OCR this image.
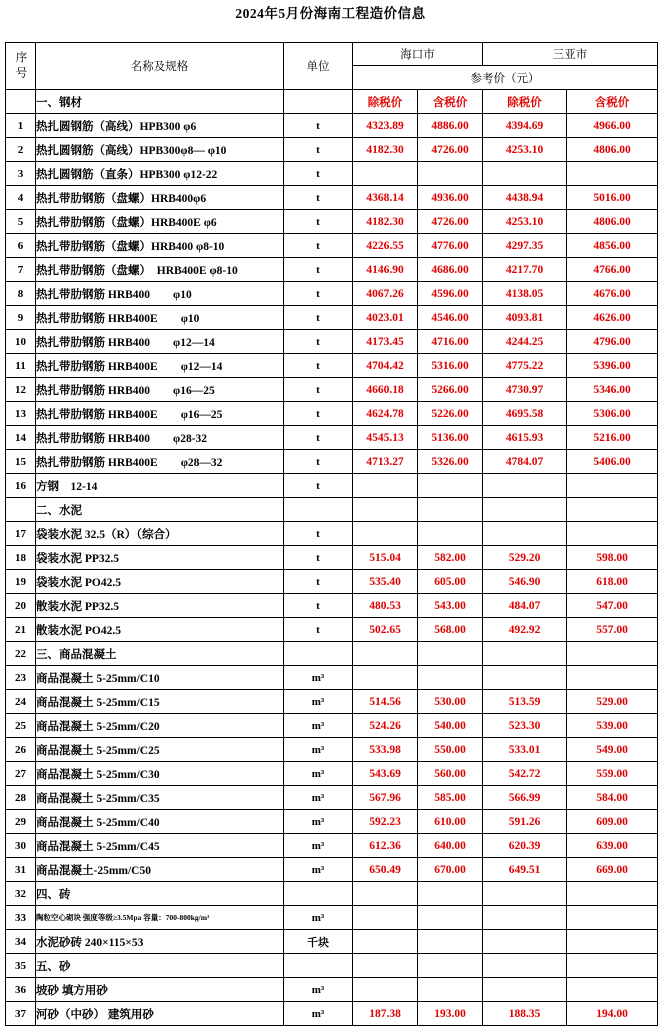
2024年5月份海南工程造价信息
序号	名称及规格	单位	海口市		三亚市	
			参考价（元）			
	一、钢材		除税价	含税价	除税价	含税价
1	热扎圆钢筋（高线）HPB300 φ6	t	4323.89	4886.00	4394.69	4966.00
2	热扎圆钢筋（高线）HPB300φ8— φ10	t	4182.30	4726.00	4253.10	4806.00
3	热扎圆钢筋（直条）HPB300 φ12-22	t				
4	热扎带肋钢筋（盘螺）HRB400φ6	t	4368.14	4936.00	4438.94	5016.00
5	热扎带肋钢筋（盘螺）HRB400E φ6	t	4182.30	4726.00	4253.10	4806.00
6	热扎带肋钢筋（盘螺）HRB400 φ8-10	t	4226.55	4776.00	4297.35	4856.00
7	热扎带肋钢筋（盘螺）　HRB400E φ8-10	t	4146.90	4686.00	4217.70	4766.00
8	热扎带肋钢筋 HRB400　　φ10	t	4067.26	4596.00	4138.05	4676.00
9	热扎带肋钢筋 HRB400E　　φ10	t	4023.01	4546.00	4093.81	4626.00
10	热扎带肋钢筋 HRB400　　φ12—14	t	4173.45	4716.00	4244.25	4796.00
11	热扎带肋钢筋 HRB400E　　φ12—14	t	4704.42	5316.00	4775.22	5396.00
12	热扎带肋钢筋 HRB400　　φ16—25	t	4660.18	5266.00	4730.97	5346.00
13	热扎带肋钢筋 HRB400E　　φ16—25	t	4624.78	5226.00	4695.58	5306.00
14	热扎带肋钢筋 HRB400　　φ28-32	t	4545.13	5136.00	4615.93	5216.00
15	热扎带肋钢筋 HRB400E　　φ28—32	t	4713.27	5326.00	4784.07	5406.00
16	方钢　12-14	t				
	二、水泥					
17	袋装水泥 32.5（R）（综合）	t				
18	袋装水泥 PP32.5	t	515.04	582.00	529.20	598.00
19	袋装水泥 PO42.5	t	535.40	605.00	546.90	618.00
20	散装水泥 PP32.5	t	480.53	543.00	484.07	547.00
21	散装水泥 PO42.5	t	502.65	568.00	492.92	557.00
22	三、商品混凝土					
23	商品混凝土 5-25mm/C10	m³				
24	商品混凝土 5-25mm/C15	m³	514.56	530.00	513.59	529.00
25	商品混凝土 5-25mm/C20	m³	524.26	540.00	523.30	539.00
26	商品混凝土 5-25mm/C25	m³	533.98	550.00	533.01	549.00
27	商品混凝土 5-25mm/C30	m³	543.69	560.00	542.72	559.00
28	商品混凝土 5-25mm/C35	m³	567.96	585.00	566.99	584.00
29	商品混凝土 5-25mm/C40	m³	592.23	610.00	591.26	609.00
30	商品混凝土 5-25mm/C45	m³	612.36	640.00	620.39	639.00
31	商品混凝土-25mm/C50	m³	650.49	670.00	649.51	669.00
32	四、砖					
33	陶粒空心砌块 强度等级≥3.5Mpa 容量：700-800kg/m³	m³				
34	水泥砂砖 240×115×53	千块				
35	五、砂					
36	坡砂 填方用砂	m³				
37	河砂（中砂） 建筑用砂	m³	187.38	193.00	188.35	194.00
